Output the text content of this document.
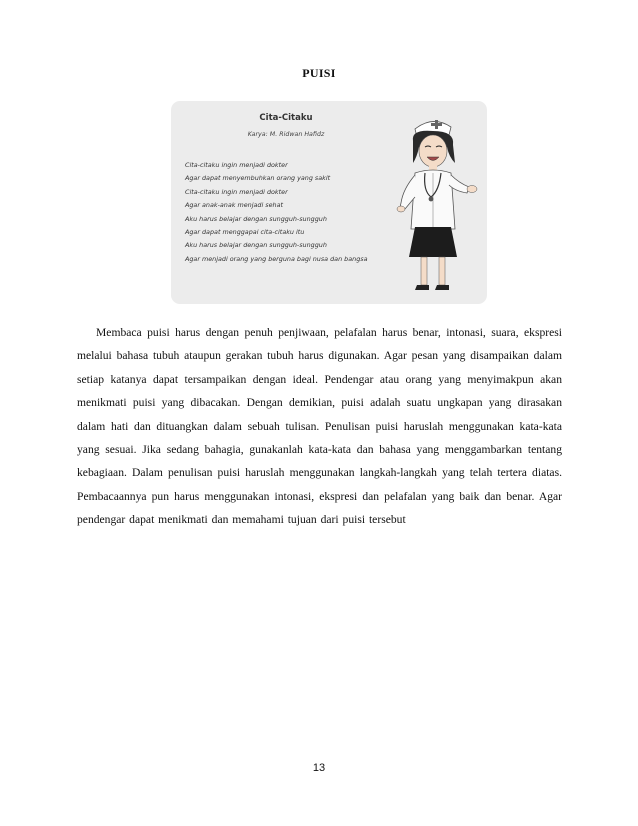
PUISI
Cita-Citaku
Karya: M. Ridwan Hafidz
Cita-citaku ingin menjadi dokter
Agar dapat menyembuhkan orang yang sakit
Cita-citaku ingin menjadi dokter
Agar anak-anak menjadi sehat
Aku harus belajar dengan sungguh-sungguh
Agar dapat menggapai cita-citaku itu
Aku harus belajar dengan sungguh-sungguh
Agar menjadi orang yang berguna bagi nusa dan bangsa

Membaca puisi harus dengan penuh penjiwaan, pelafalan harus benar, intonasi, suara, ekspresi melalui bahasa tubuh ataupun gerakan tubuh harus digunakan. Agar pesan yang disampaikan dalam setiap katanya dapat tersampaikan dengan ideal. Pendengar atau orang yang menyimakpun akan menikmati puisi yang dibacakan. Dengan demikian, puisi adalah suatu ungkapan yang dirasakan dalam hati dan dituangkan dalam sebuah tulisan. Penulisan puisi haruslah menggunakan kata-kata yang sesuai. Jika sedang bahagia, gunakanlah kata-kata dan bahasa yang menggambarkan tentang kebagiaan. Dalam penulisan puisi haruslah menggunakan langkah-langkah yang telah tertera diatas. Pembacaannya pun harus menggunakan intonasi, ekspresi dan pelafalan yang baik dan benar. Agar pendengar dapat menikmati dan memahami tujuan dari puisi tersebut

13
